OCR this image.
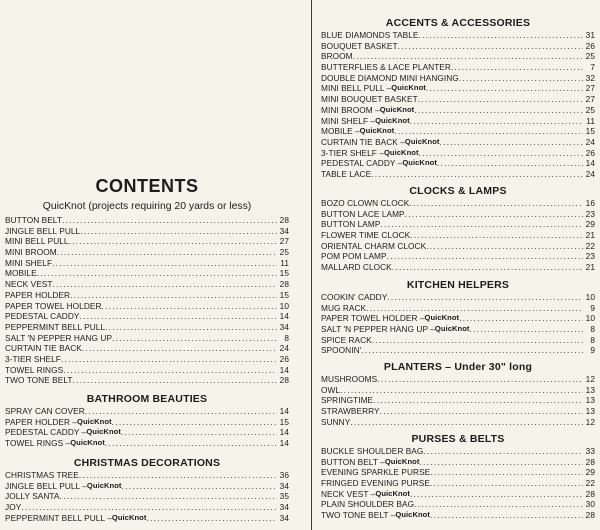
CONTENTS
QuicKnot (projects requiring 20 yards or less)
BUTTON BELT . . .	28
JINGLE BELL PULL . . .	34
MINI BELL PULL . . .	27
MINI BROOM . . .	25
MINI SHELF . . .	11
MOBILE . . .	15
NECK VEST . . .	28
PAPER HOLDER . . .	15
PAPER TOWEL HOLDER . . .	10
PEDESTAL CADDY . . .	14
PEPPERMINT BELL PULL . . .	34
SALT 'N PEPPER HANG UP . . .	8
CURTAIN TIE BACK . . .	24
3-TIER SHELF . . .	26
TOWEL RINGS . . .	14
TWO TONE BELT . . .	28
BATHROOM BEAUTIES
SPRAY CAN COVER . . .	14
PAPER HOLDER – QuicKnot . . .	15
PEDESTAL CADDY – QuicKnot . . .	14
TOWEL RINGS – QuicKnot . . .	14
CHRISTMAS DECORATIONS
CHRISTMAS TREE . . .	36
JINGLE BELL PULL – QuicKnot . . .	34
JOLLY SANTA . . .	35
JOY . . .	34
PEPPERMINT BELL PULL – QuicKnot . . .	34
ACCENTS & ACCESSORIES
BLUE DIAMONDS TABLE . . .	31
BOUQUET BASKET . . .	26
BROOM . . .	25
BUTTERFLIES & LACE PLANTER . . .	7
DOUBLE DIAMOND MINI HANGING . . .	32
MINI BELL PULL – QuicKnot . . .	27
MINI BOUQUET BASKET . . .	27
MINI BROOM – QuicKnot . . .	25
MINI SHELF – QuicKnot . . .	11
MOBILE – QuicKnot . . .	15
CURTAIN TIE BACK – QuicKnot . . .	24
3-TIER SHELF – QuicKnot . . .	26
PEDESTAL CADDY – QuicKnot . . .	14
TABLE LACE . . .	24
CLOCKS & LAMPS
BOZO CLOWN CLOCK . . .	16
BUTTON LACE LAMP . . .	23
BUTTON LAMP . . .	29
FLOWER TIME CLOCK . . .	21
ORIENTAL CHARM CLOCK . . .	22
POM POM LAMP . . .	23
MALLARD CLOCK . . .	21
KITCHEN HELPERS
COOKIN' CADDY . . .	10
MUG RACK . . .	9
PAPER TOWEL HOLDER – QuicKnot . . .	10
SALT 'N PEPPER HANG UP – QuicKnot . . .	8
SPICE RACK . . .	8
SPOONIN' . . .	9
PLANTERS – Under 30" long
MUSHROOMS . . .	12
OWL . . .	13
SPRINGTIME . . .	13
STRAWBERRY . . .	13
SUNNY . . .	12
PURSES & BELTS
BUCKLE SHOULDER BAG . . .	33
BUTTON BELT – QuicKnot . . .	28
EVENING SPARKLE PURSE . . .	29
FRINGED EVENING PURSE . . .	22
NECK VEST – QuicKnot . . .	28
PLAIN SHOULDER BAG . . .	30
TWO TONE BELT – QuicKnot . . .	28
